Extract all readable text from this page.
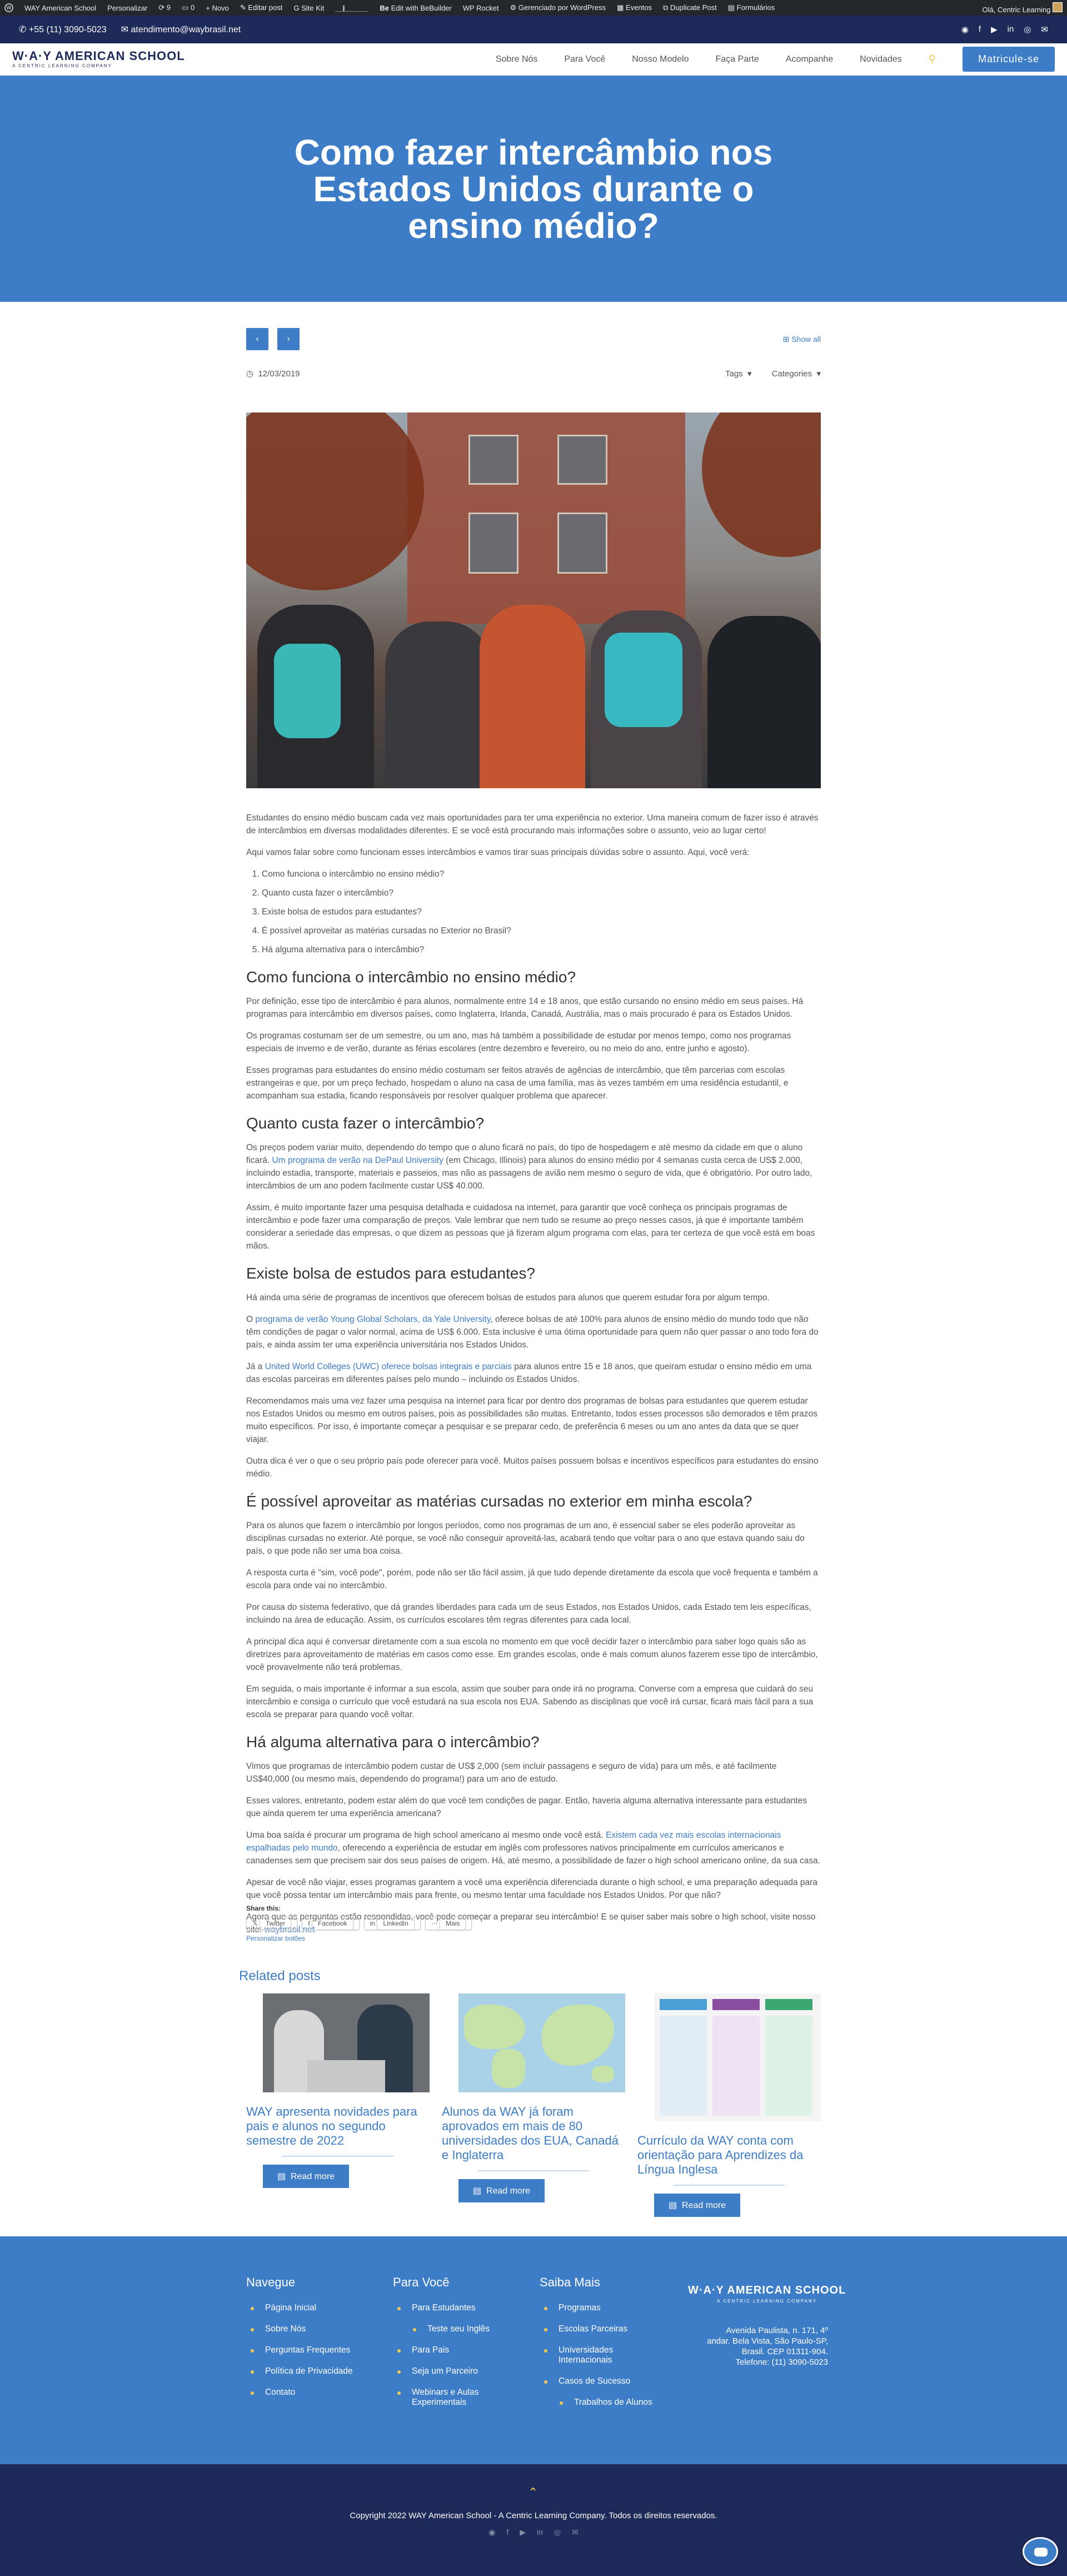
W WAY American School Personalizar ⟳ 9 ▭ 0 + Novo ✎ Editar post G Site Kit	Be Edit with BeBuilder WP Rocket ⚙ Gerenciado por WordPress ▦ Eventos ⧉ Duplicate Post ▤ Formulários	Olá, Centric Learning
✆ +55 (11) 3090-5023 ✉ atendimento@waybrasil.net	◉ f ▶ in ◎ ✉
W·A·Y AMERICAN SCHOOL
A CENTRIC LEARNING COMPANY
Sobre Nós	Para Você	Nosso Modelo	Faça Parte	Acompanhe	Novidades	⚲	Matricule-se
Como fazer intercâmbio nos Estados Unidos durante o ensino médio?
‹	›	⊞ Show all
◷  12/03/2019	Tags  ▾ Categories  ▾

Estudantes do ensino médio buscam cada vez mais oportunidades para ter uma experiência no exterior. Uma maneira comum de fazer isso é através de intercâmbios em diversas modalidades diferentes. E se você está procurando mais informações sobre o assunto, veio ao lugar certo!

Aqui vamos falar sobre como funcionam esses intercâmbios e vamos tirar suas principais dúvidas sobre o assunto. Aqui, você verá:

1. Como funciona o intercâmbio no ensino médio?
2. Quanto custa fazer o intercâmbio?
3. Existe bolsa de estudos para estudantes?
4. É possível aproveitar as matérias cursadas no Exterior no Brasil?
5. Há alguma alternativa para o intercâmbio?
Como funciona o intercâmbio no ensino médio?

Por definição, esse tipo de intercâmbio é para alunos, normalmente entre 14 e 18 anos, que estão cursando no ensino médio em seus países. Há programas para intercâmbio em diversos países, como Inglaterra, Irlanda, Canadá, Austrália, mas o mais procurado é para os Estados Unidos.

Os programas costumam ser de um semestre, ou um ano, mas há também a possibilidade de estudar por menos tempo, como nos programas especiais de inverno e de verão, durante as férias escolares (entre dezembro e fevereiro, ou no meio do ano, entre junho e agosto).

Esses programas para estudantes do ensino médio costumam ser feitos através de agências de intercâmbio, que têm parcerias com escolas estrangeiras e que, por um preço fechado, hospedam o aluno na casa de uma família, mas às vezes também em uma residência estudantil, e acompanham sua estadia, ficando responsáveis por resolver qualquer problema que aparecer.

Quanto custa fazer o intercâmbio?

Os preços podem variar muito, dependendo do tempo que o aluno ficará no país, do tipo de hospedagem e até mesmo da cidade em que o aluno ficará. Um programa de verão na DePaul University (em Chicago, Illinois) para alunos do ensino médio por 4 semanas custa cerca de US$ 2.000, incluindo estadia, transporte, materiais e passeios, mas não as passagens de avião nem mesmo o seguro de vida, que é obrigatório. Por outro lado, intercâmbios de um ano podem facilmente custar US$ 40.000.

Assim, é muito importante fazer uma pesquisa detalhada e cuidadosa na internet, para garantir que você conheça os principais programas de intercâmbio e pode fazer uma comparação de preços. Vale lembrar que nem tudo se resume ao preço nesses casos, já que é importante também considerar a seriedade das empresas, o que dizem as pessoas que já fizeram algum programa com elas, para ter certeza de que você está em boas mãos.

Existe bolsa de estudos para estudantes?

Há ainda uma série de programas de incentivos que oferecem bolsas de estudos para alunos que querem estudar fora por algum tempo.

O programa de verão Young Global Scholars, da Yale University, oferece bolsas de até 100% para alunos de ensino médio do mundo todo que não têm condições de pagar o valor normal, acima de US$ 6.000. Esta inclusive é uma ótima oportunidade para quem não quer passar o ano todo fora do país, e ainda assim ter uma experiência universitária nos Estados Unidos.

Já a United World Colleges (UWC) oferece bolsas integrais e parciais para alunos entre 15 e 18 anos, que queiram estudar o ensino médio em uma das escolas parceiras em diferentes países pelo mundo – incluindo os Estados Unidos.

Recomendamos mais uma vez fazer uma pesquisa na internet para ficar por dentro dos programas de bolsas para estudantes que querem estudar nos Estados Unidos ou mesmo em outros países, pois as possibilidades são muitas. Entretanto, todos esses processos são demorados e têm prazos muito específicos. Por isso, é importante começar a pesquisar e se preparar cedo, de preferência 6 meses ou um ano antes da data que se quer viajar.

Outra dica é ver o que o seu próprio país pode oferecer para você. Muitos países possuem bolsas e incentivos específicos para estudantes do ensino médio.

É possível aproveitar as matérias cursadas no exterior em minha escola?

Para os alunos que fazem o intercâmbio por longos períodos, como nos programas de um ano, é essencial saber se eles poderão aproveitar as disciplinas cursadas no exterior. Até porque, se você não conseguir aproveitá-las, acabará tendo que voltar para o ano que estava quando saiu do país, o que pode não ser uma boa coisa.

A resposta curta é "sim, você pode", porém, pode não ser tão fácil assim, já que tudo depende diretamente da escola que você frequenta e também a escola para onde vai no intercâmbio.

Por causa do sistema federativo, que dá grandes liberdades para cada um de seus Estados, nos Estados Unidos, cada Estado tem leis específicas, incluindo na área de educação. Assim, os currículos escolares têm regras diferentes para cada local.

A principal dica aqui é conversar diretamente com a sua escola no momento em que você decidir fazer o intercâmbio para saber logo quais são as diretrizes para aproveitamento de matérias em casos como esse. Em grandes escolas, onde é mais comum alunos fazerem esse tipo de intercâmbio, você provavelmente não terá problemas.

Em seguida, o mais importante é informar a sua escola, assim que souber para onde irá no programa. Converse com a empresa que cuidará do seu intercâmbio e consiga o currículo que você estudará na sua escola nos EUA. Sabendo as disciplinas que você irá cursar, ficará mais fácil para a sua escola se preparar para quando você voltar.

Há alguma alternativa para o intercâmbio?

Vimos que programas de intercâmbio podem custar de US$ 2,000 (sem incluir passagens e seguro de vida) para um mês, e até facilmente US$40,000 (ou mesmo mais, dependendo do programa!) para um ano de estudo.

Esses valores, entretanto, podem estar além do que você tem condições de pagar. Então, haveria alguma alternativa interessante para estudantes que ainda querem ter uma experiência americana?

Uma boa saída é procurar um programa de high school americano ai mesmo onde você está. Existem cada vez mais escolas internacionais espalhadas pelo mundo, oferecendo a experiência de estudar em inglês com professores nativos principalmente em currículos americanos e canadenses sem que precisem sair dos seus países de origem. Há, até mesmo, a possibilidade de fazer o high school americano online, da sua casa.

Apesar de você não viajar, esses programas garantem a você uma experiência diferenciada durante o high school, e uma preparação adequada para que você possa tentar um intercâmbio mais para frente, ou mesmo tentar uma faculdade nos Estados Unidos. Por que não?

Agora que as perguntas estão respondidas, você pode começar a preparar seu intercâmbio! E se quiser saber mais sobre o high school, visite nosso site: waybrasil.net

Share this:
𝕏 Twitter	f Facebook	in LinkedIn	⋯ Mais
Personalizar botões
Related posts
WAY apresenta novidades para pais e alunos no segundo semestre de 2022
▤  Read more
Alunos da WAY já foram aprovados em mais de 80 universidades dos EUA, Canadá e Inglaterra
▤  Read more
Currículo da WAY conta com orientação para Aprendizes da Língua Inglesa
▤  Read more
Navegue
Página Inicial
Sobre Nós
Perguntas Frequentes
Política de Privacidade
Contato
Para Você
Para Estudantes
Teste seu Inglês
Para Pais
Seja um Parceiro
Webinars e Aulas Experimentais
Saiba Mais
Programas
Escolas Parceiras
Universidades Internacionais
Casos de Sucesso
Trabalhos de Alunos
W·A·Y AMERICAN SCHOOL
A CENTRIC LEARNING COMPANY
Avenida Paulista, n. 171, 4º
andar. Bela Vista, São Paulo-SP,
Brasil. CEP 01311-904.
Telefone: (11) 3090-5023
⌃
Copyright 2022 WAY American School - A Centric Learning Company. Todos os direitos reservados.
◉ f ▶ in ◎ ✉
